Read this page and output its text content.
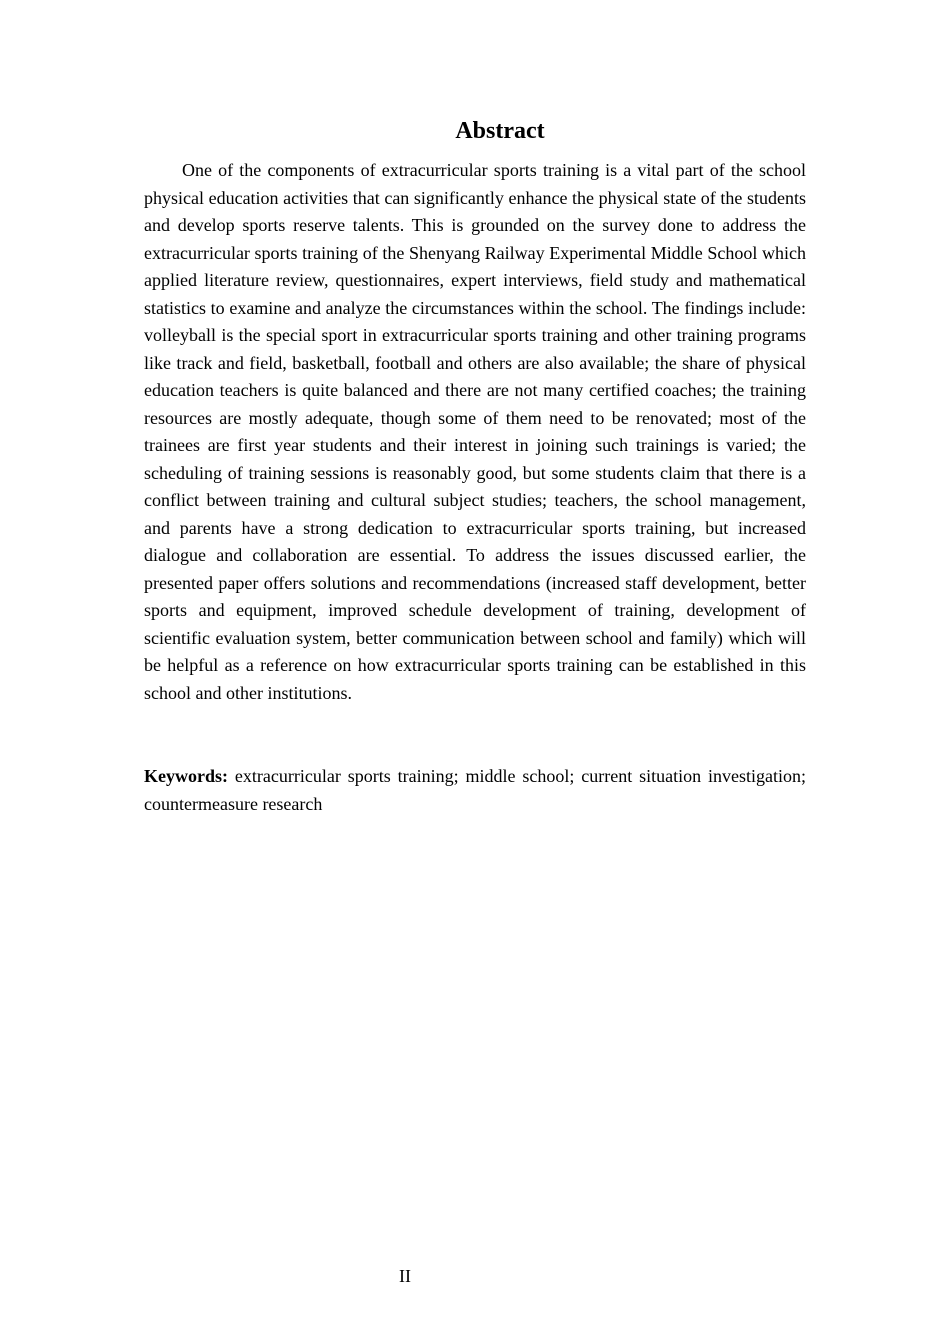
Abstract

One of the components of extracurricular sports training is a vital part of the school physical education activities that can significantly enhance the physical state of the students and develop sports reserve talents. This is grounded on the survey done to address the extracurricular sports training of the Shenyang Railway Experimental Middle School which applied literature review, questionnaires, expert interviews, field study and mathematical statistics to examine and analyze the circumstances within the school. The findings include: volleyball is the special sport in extracurricular sports training and other training programs like track and field, basketball, football and others are also available; the share of physical education teachers is quite balanced and there are not many certified coaches; the training resources are mostly adequate, though some of them need to be renovated; most of the trainees are first year students and their interest in joining such trainings is varied; the scheduling of training sessions is reasonably good, but some students claim that there is a conflict between training and cultural subject studies; teachers, the school management, and parents have a strong dedication to extracurricular sports training, but increased dialogue and collaboration are essential. To address the issues discussed earlier, the presented paper offers solutions and recommendations (increased staff development, better sports and equipment, improved schedule development of training, development of scientific evaluation system, better communication between school and family) which will be helpful as a reference on how extracurricular sports training can be established in this school and other institutions.

Keywords: extracurricular sports training; middle school; current situation investigation; countermeasure research

II
